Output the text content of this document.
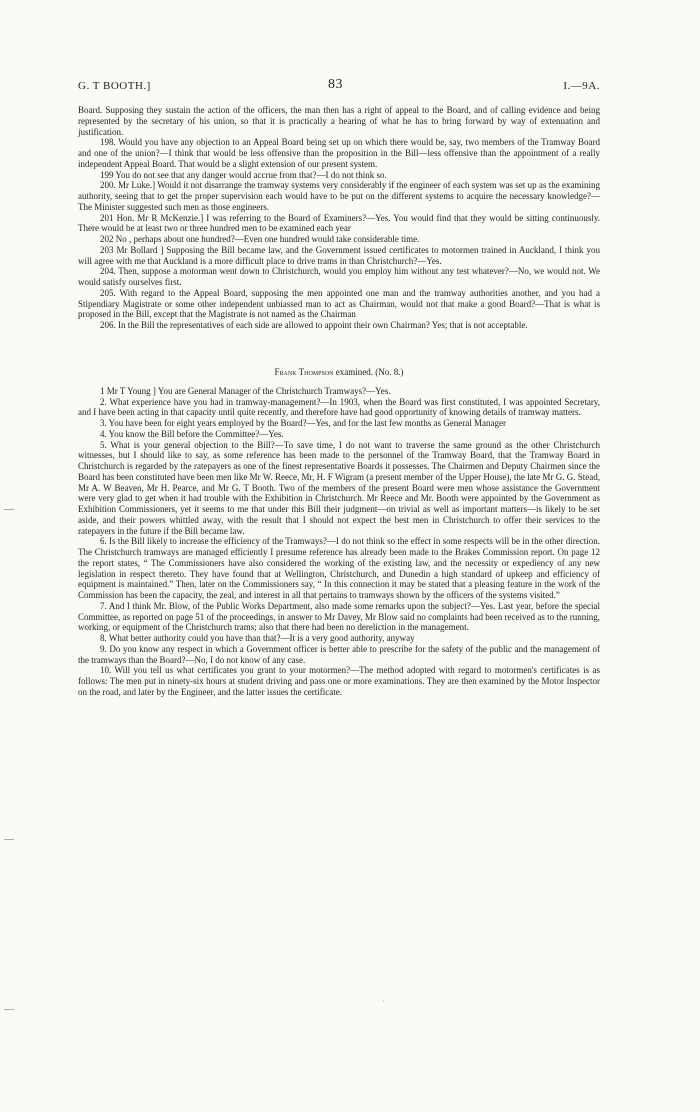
G. T BOOTH.]	83	I.—9A.

Board. Supposing they sustain the action of the officers, the man then has a right of appeal to the Board, and of calling evidence and being represented by the secretary of his union, so that it is practically a hearing of what he has to bring forward by way of extenuation and justification.

198. Would you have any objection to an Appeal Board being set up on which there would be, say, two members of the Tramway Board and one of the union?—I think that would be less offensive than the proposition in the Bill—less offensive than the appointment of a really independent Appeal Board. That would be a slight extension of our present system.

199 You do not see that any danger would accrue from that?—I do not think so.

200. Mr Luke.] Would it not disarrange the tramway systems very considerably if the engineer of each system was set up as the examining authority, seeing that to get the proper supervision each would have to be put on the different systems to acquire the necessary knowledge?—The Minister suggested such men as those engineers.

201 Hon. Mr R McKenzie.] I was referring to the Board of Examiners?—Yes. You would find that they would be sitting continuously. There would be at least two or three hundred men to be examined each year

202 No , perhaps about one hundred?—Even one hundred would take considerable time.

203 Mr Bollard ] Supposing the Bill became law, and the Government issued certificates to motormen trained in Auckland, I think you will agree with me that Auckland is a more difficult place to drive trams in than Christchurch?—Yes.

204. Then, suppose a motorman went down to Christchurch, would you employ him without any test whatever?—No, we would not. We would satisfy ourselves first.

205. With regard to the Appeal Board, supposing the men appointed one man and the tramway authorities another, and you had a Stipendiary Magistrate or some other independent unbiassed man to act as Chairman, would not that make a good Board?—That is what is proposed in the Bill, except that the Magistrate is not named as the Chairman

206. In the Bill the representatives of each side are allowed to appoint their own Chairman? Yes; that is not acceptable.

Frank Thompson examined. (No. 8.)

1 Mr T Young ] You are General Manager of the Christchurch Tramways?—Yes.

2. What experience have you had in tramway-management?—In 1903, when the Board was first constituted, I was appointed Secretary, and I have been acting in that capacity until quite recently, and therefore have had good opportunity of knowing details of tramway matters.

3. You have been for eight years employed by the Board?—Yes, and for the last few months as General Manager

4. You know the Bill before the Committee?—Yes.

5. What is your general objection to the Bill?—To save time, I do not want to traverse the same ground as the other Christchurch witnesses, but I should like to say, as some reference has been made to the personnel of the Tramway Board, that the Tramway Board in Christchurch is regarded by the ratepayers as one of the finest representative Boards it possesses. The Chairmen and Deputy Chairmen since the Board has been constituted have been men like Mr W. Reece, Mr, H. F Wigram (a present member of the Upper House), the late Mr G. G. Stead, Mr A. W Beaven, Mr H. Pearce, and Mr G. T Booth. Two of the members of the present Board were men whose assistance the Government were very glad to get when it had trouble with the Exhibition in Christchurch. Mr Reece and Mr. Booth were appointed by the Government as Exhibition Commissioners, yet it seems to me that under this Bill their judgment—on trivial as well as important matters—is likely to be set aside, and their powers whittled away, with the result that I should not expect the best men in Christchurch to offer their services to the ratepayers in the future if the Bill became law.

6. Is the Bill likely to increase the efficiency of the Tramways?—I do not think so the effect in some respects will be in the other direction. The Christchurch tramways are managed efficiently I presume reference has already been made to the Brakes Commission report. On page 12 the report states, “ The Commissioners have also considered the working of the existing law, and the necessity or expediency of any new legislation in respect thereto. They have found that at Wellington, Christchurch, and Dunedin a high standard of upkeep and efficiency of equipment is maintained.” Then, later on the Commissioners say, “ In this connection it may be stated that a pleasing feature in the work of the Commission has been the capacity, the zeal, and interest in all that pertains to tramways shown by the officers of the systems visited.”

7. And I think Mr. Blow, of the Public Works Department, also made some remarks upon the subject?—Yes. Last year, before the special Committee, as reported on page 51 of the proceedings, in answer to Mr Davey, Mr Blow said no complaints had been received as to the running, working, or equipment of the Christchurch trams; also that there had been no dereliction in the management.

8. What better authority could you have than that?—It is a very good authority, anyway

9. Do you know any respect in which a Government officer is better able to prescribe for the safety of the public and the management of the tramways than the Board?—No, I do not know of any case.

10. Will you tell us what certificates you grant to your motormen?—The method adopted with regard to motormen's certificates is as follows: The men put in ninety-six hours at student driving and pass one or more examinations. They are then examined by the Motor Inspector on the road, and later by the Engineer, and the latter issues the certificate.

·
